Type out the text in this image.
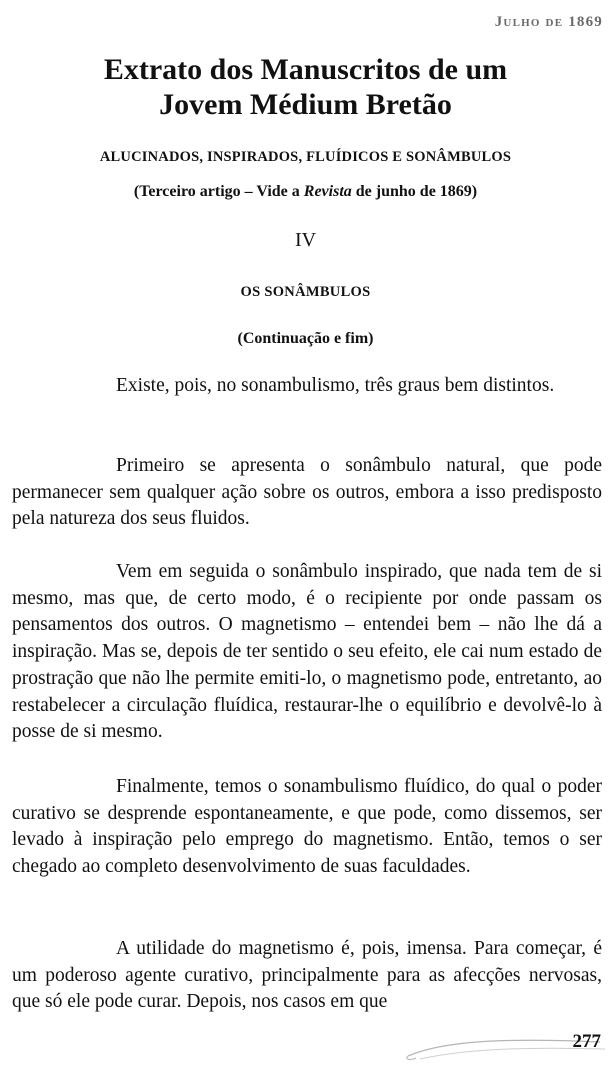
Julho de 1869
Extrato dos Manuscritos de um
Jovem Médium Bretão
ALUCINADOS, INSPIRADOS, FLUÍDICOS E SONÂMBULOS
(Terceiro artigo – Vide a Revista de junho de 1869)
IV
OS SONÂMBULOS
(Continuação e fim)

Existe, pois, no sonambulismo, três graus bem distintos.

Primeiro se apresenta o sonâmbulo natural, que pode permanecer sem qualquer ação sobre os outros, embora a isso predisposto pela natureza dos seus fluidos.

Vem em seguida o sonâmbulo inspirado, que nada tem de si mesmo, mas que, de certo modo, é o recipiente por onde passam os pensamentos dos outros. O magnetismo – entendei bem – não lhe dá a inspiração. Mas se, depois de ter sentido o seu efeito, ele cai num estado de prostração que não lhe permite emiti-lo, o magnetismo pode, entretanto, ao restabelecer a circulação fluídica, restaurar-lhe o equilíbrio e devolvê-lo à posse de si mesmo.

Finalmente, temos o sonambulismo fluídico, do qual o poder curativo se desprende espontaneamente, e que pode, como dissemos, ser levado à inspiração pelo emprego do magnetismo. Então, temos o ser chegado ao completo desenvolvimento de suas faculdades.

A utilidade do magnetismo é, pois, imensa. Para começar, é um poderoso agente curativo, principalmente para as afecções nervosas, que só ele pode curar. Depois, nos casos em que

277
